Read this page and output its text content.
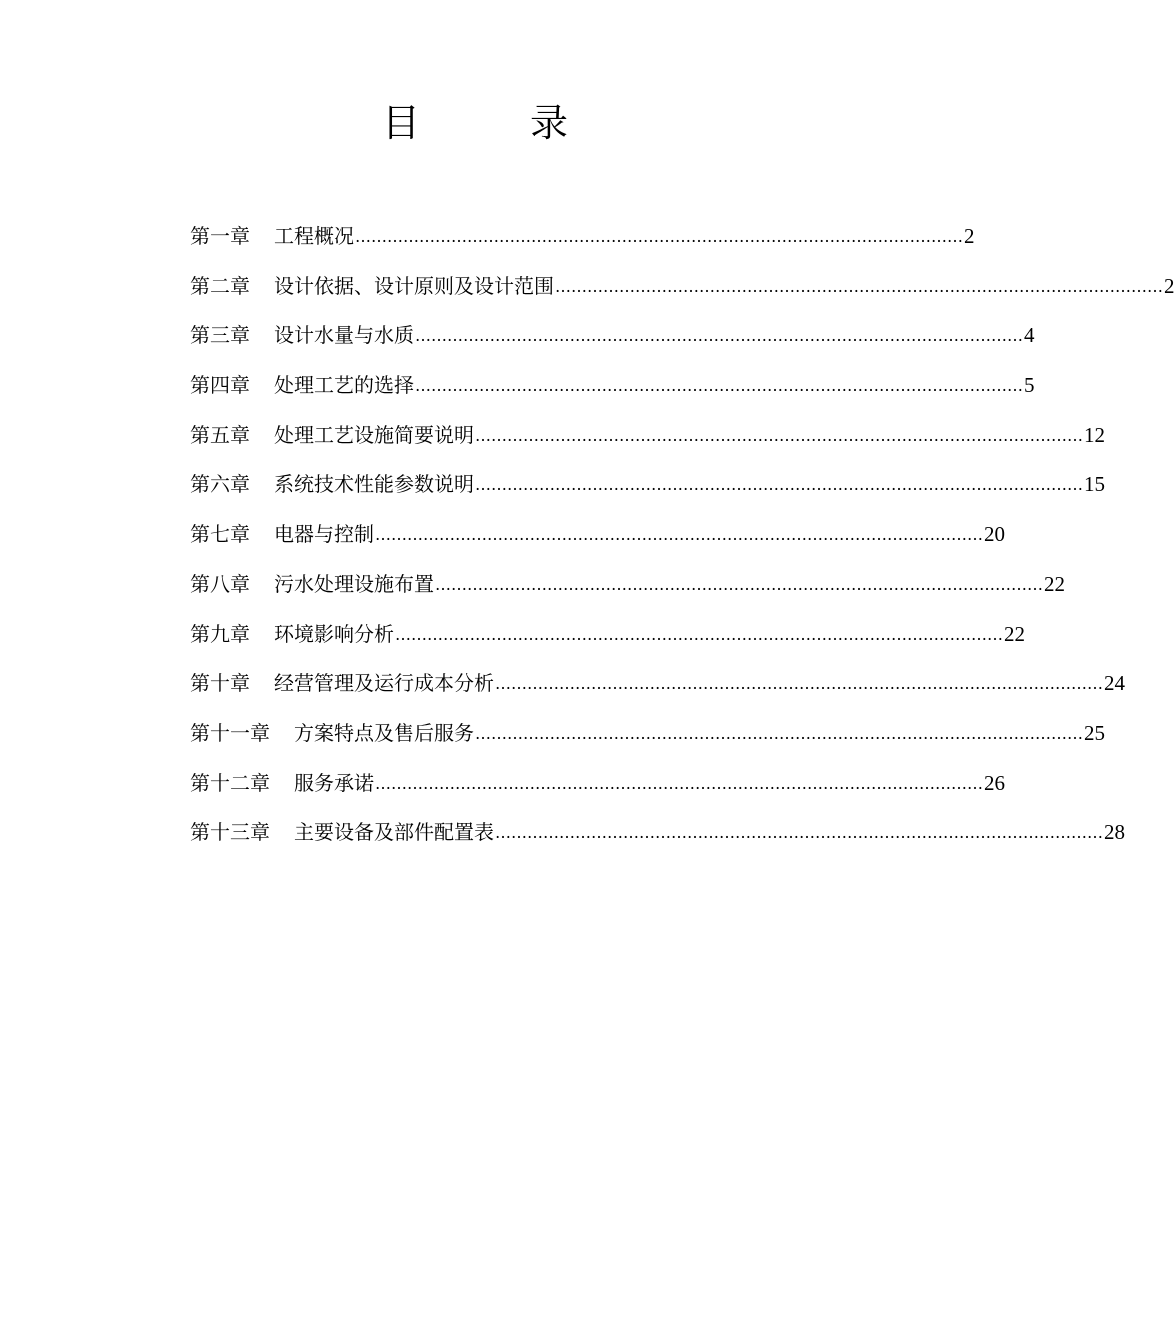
目　录
第一章 工程概况 …………………………………………………………………………………………………… 2
第二章 设计依据、设计原则及设计范围 …………………………………………………………………………………………………… 2
第三章 设计水量与水质 …………………………………………………………………………………………………… 4
第四章 处理工艺的选择 …………………………………………………………………………………………………… 5
第五章 处理工艺设施简要说明 …………………………………………………………………………………………………… 12
第六章 系统技术性能参数说明 …………………………………………………………………………………………………… 15
第七章 电器与控制 …………………………………………………………………………………………………… 20
第八章 污水处理设施布置 …………………………………………………………………………………………………… 22
第九章 环境影响分析 …………………………………………………………………………………………………… 22
第十章 经营管理及运行成本分析 …………………………………………………………………………………………………… 24
第十一章 方案特点及售后服务 …………………………………………………………………………………………………… 25
第十二章 服务承诺 …………………………………………………………………………………………………… 26
第十三章 主要设备及部件配置表 …………………………………………………………………………………………………… 28
